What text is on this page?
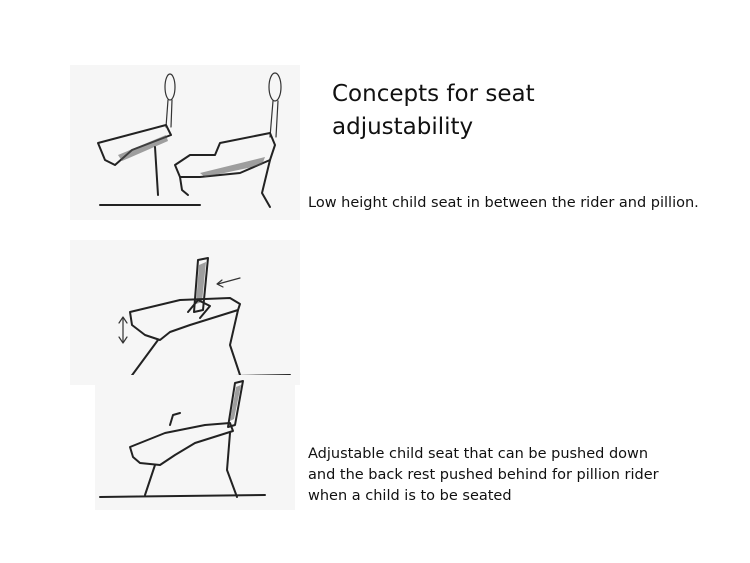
Concepts for seat
adjustability

Low height child seat in between the rider and pillion.

Adjustable child seat that can be pushed down
and the back rest pushed behind for pillion rider
when a child is to be seated
